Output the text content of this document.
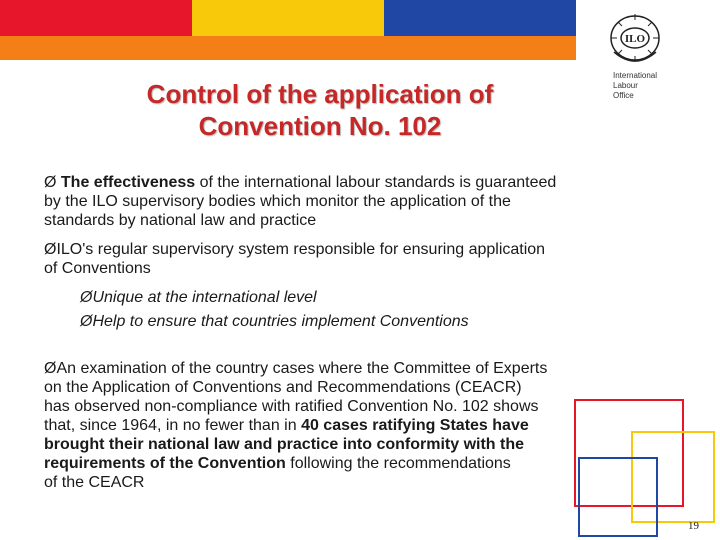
Control of the application of
Convention No. 102
ILO
International
Labour
Office
Ø The effectiveness of the international labour standards is guaranteed
by the ILO supervisory bodies which monitor the application of the
standards by national law and practice
ØILO's regular supervisory system responsible for ensuring application
of Conventions
ØUnique at the international level
ØHelp to ensure that countries implement Conventions
ØAn examination of the country cases where the Committee of Experts
on the Application of Conventions and Recommendations (CEACR)
has observed non-compliance with ratified Convention No. 102 shows
that, since 1964, in no fewer than in 40 cases ratifying States have
brought their national law and practice into conformity with the
requirements of the Convention following the recommendations
of the CEACR
19
